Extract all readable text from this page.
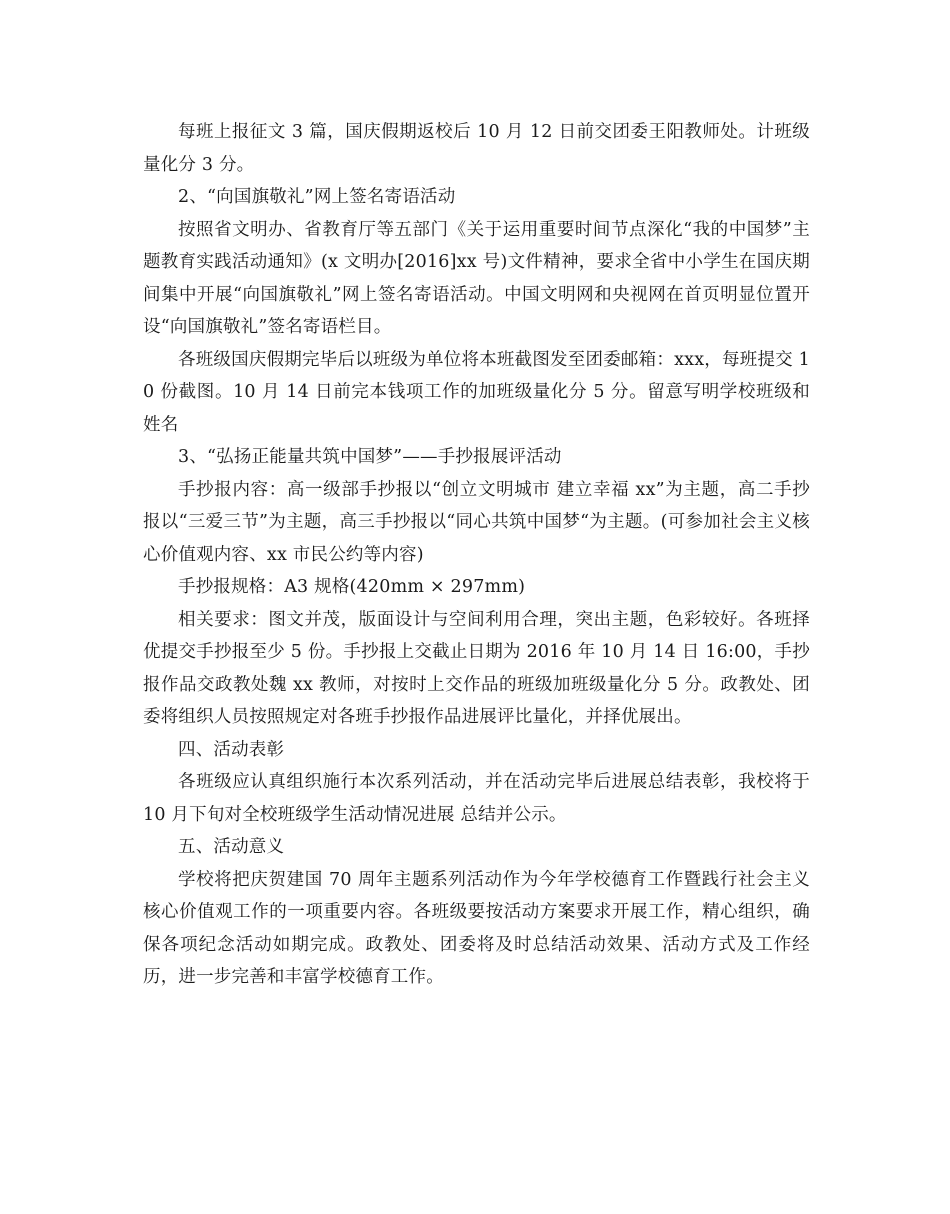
每班上报征文 3 篇，国庆假期返校后 10 月 12 日前交团委王阳教师处。计班级量化分 3 分。

2、“向国旗敬礼”网上签名寄语活动

按照省文明办、省教育厅等五部门《关于运用重要时间节点深化“我的中国梦”主题教育实践活动通知》(x 文明办[2016]xx 号)文件精神，要求全省中小学生在国庆期间集中开展“向国旗敬礼”网上签名寄语活动。中国文明网和央视网在首页明显位置开设“向国旗敬礼”签名寄语栏目。

各班级国庆假期完毕后以班级为单位将本班截图发至团委邮箱：xxx，每班提交 10 份截图。10 月 14 日前完本钱项工作的加班级量化分 5 分。留意写明学校班级和姓名

3、“弘扬正能量共筑中国梦”——手抄报展评活动

手抄报内容：高一级部手抄报以“创立文明城市 建立幸福 xx”为主题，高二手抄报以“三爱三节”为主题，高三手抄报以“同心共筑中国梦“为主题。(可参加社会主义核心价值观内容、xx 市民公约等内容)

手抄报规格：A3 规格(420mm × 297mm)

相关要求：图文并茂，版面设计与空间利用合理，突出主题，色彩较好。各班择优提交手抄报至少 5 份。手抄报上交截止日期为 2016 年 10 月 14 日 16:00，手抄报作品交政教处魏 xx 教师，对按时上交作品的班级加班级量化分 5 分。政教处、团委将组织人员按照规定对各班手抄报作品进展评比量化，并择优展出。

四、活动表彰

各班级应认真组织施行本次系列活动，并在活动完毕后进展总结表彰，我校将于 10 月下旬对全校班级学生活动情况进展 总结并公示。

五、活动意义

学校将把庆贺建国 70 周年主题系列活动作为今年学校德育工作暨践行社会主义核心价值观工作的一项重要内容。各班级要按活动方案要求开展工作，精心组织，确保各项纪念活动如期完成。政教处、团委将及时总结活动效果、活动方式及工作经历，进一步完善和丰富学校德育工作。
